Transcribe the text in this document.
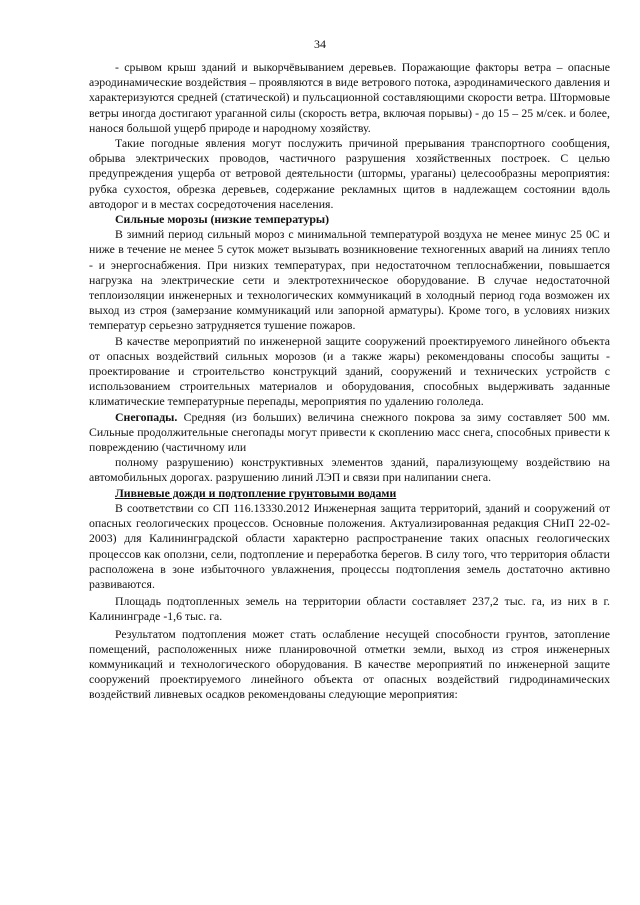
34

- срывом крыш зданий и выкорчёвыванием деревьев. Поражающие факторы ветра – опасные аэродинамические воздействия – проявляются в виде ветрового потока, аэродинамического давления и характеризуются средней (статической) и пульсационной составляющими скорости ветра. Штормовые ветры иногда достигают ураганной силы (скорость ветра, включая порывы) - до 15 – 25 м/сек. и более, нанося большой ущерб природе и народному хозяйству.

Такие погодные явления могут послужить причиной прерывания транспортного сообщения, обрыва электрических проводов, частичного разрушения хозяйственных построек. С целью предупреждения ущерба от ветровой деятельности (штормы, ураганы) целесообразны мероприятия: рубка сухостоя, обрезка деревьев, содержание рекламных щитов в надлежащем состоянии вдоль автодорог и в местах сосредоточения населения.

Сильные морозы (низкие температуры)

В зимний период сильный мороз с минимальной температурой воздуха не менее минус 25 0С и ниже в течение не менее 5 суток может вызывать возникновение техногенных аварий на линиях тепло - и энергоснабжения. При низких температурах, при недостаточном теплоснабжении, повышается нагрузка на электрические сети и электротехническое оборудование. В случае недостаточной теплоизоляции инженерных и технологических коммуникаций в холодный период года возможен их выход из строя (замерзание коммуникаций или запорной арматуры). Кроме того, в условиях низких температур серьезно затрудняется тушение пожаров.

В качестве мероприятий по инженерной защите сооружений проектируемого линейного объекта от опасных воздействий сильных морозов (и а также жары) рекомендованы способы защиты - проектирование и строительство конструкций зданий, сооружений и технических устройств с использованием строительных материалов и оборудования, способных выдерживать заданные климатические температурные перепады, мероприятия по удалению гололеда.

Снегопады. Средняя (из больших) величина снежного покрова за зиму составляет 500 мм. Сильные продолжительные снегопады могут привести к скоплению масс снега, способных привести к повреждению (частичному или

полному разрушению) конструктивных элементов зданий, парализующему воздействию на автомобильных дорогах. разрушению линий ЛЭП и связи при налипании снега.

Ливневые дожди и подтопление грунтовыми водами

В соответствии со СП 116.13330.2012 Инженерная защита территорий, зданий и сооружений от опасных геологических процессов. Основные положения. Актуализированная редакция СНиП 22-02-2003) для Калининградской области характерно распространение таких опасных геологических процессов как оползни, сели, подтопление и переработка берегов. В силу того, что территория области расположена в зоне избыточного увлажнения, процессы подтопления земель достаточно активно развиваются.

Площадь подтопленных земель на территории области составляет 237,2 тыс. га, из них в г. Калининграде -1,6 тыс. га.

Результатом подтопления может стать ослабление несущей способности грунтов, затопление помещений, расположенных ниже планировочной отметки земли, выход из строя инженерных коммуникаций и технологического оборудования. В качестве мероприятий по инженерной защите сооружений проектируемого линейного объекта от опасных воздействий гидродинамических воздействий ливневых осадков рекомендованы следующие мероприятия:
